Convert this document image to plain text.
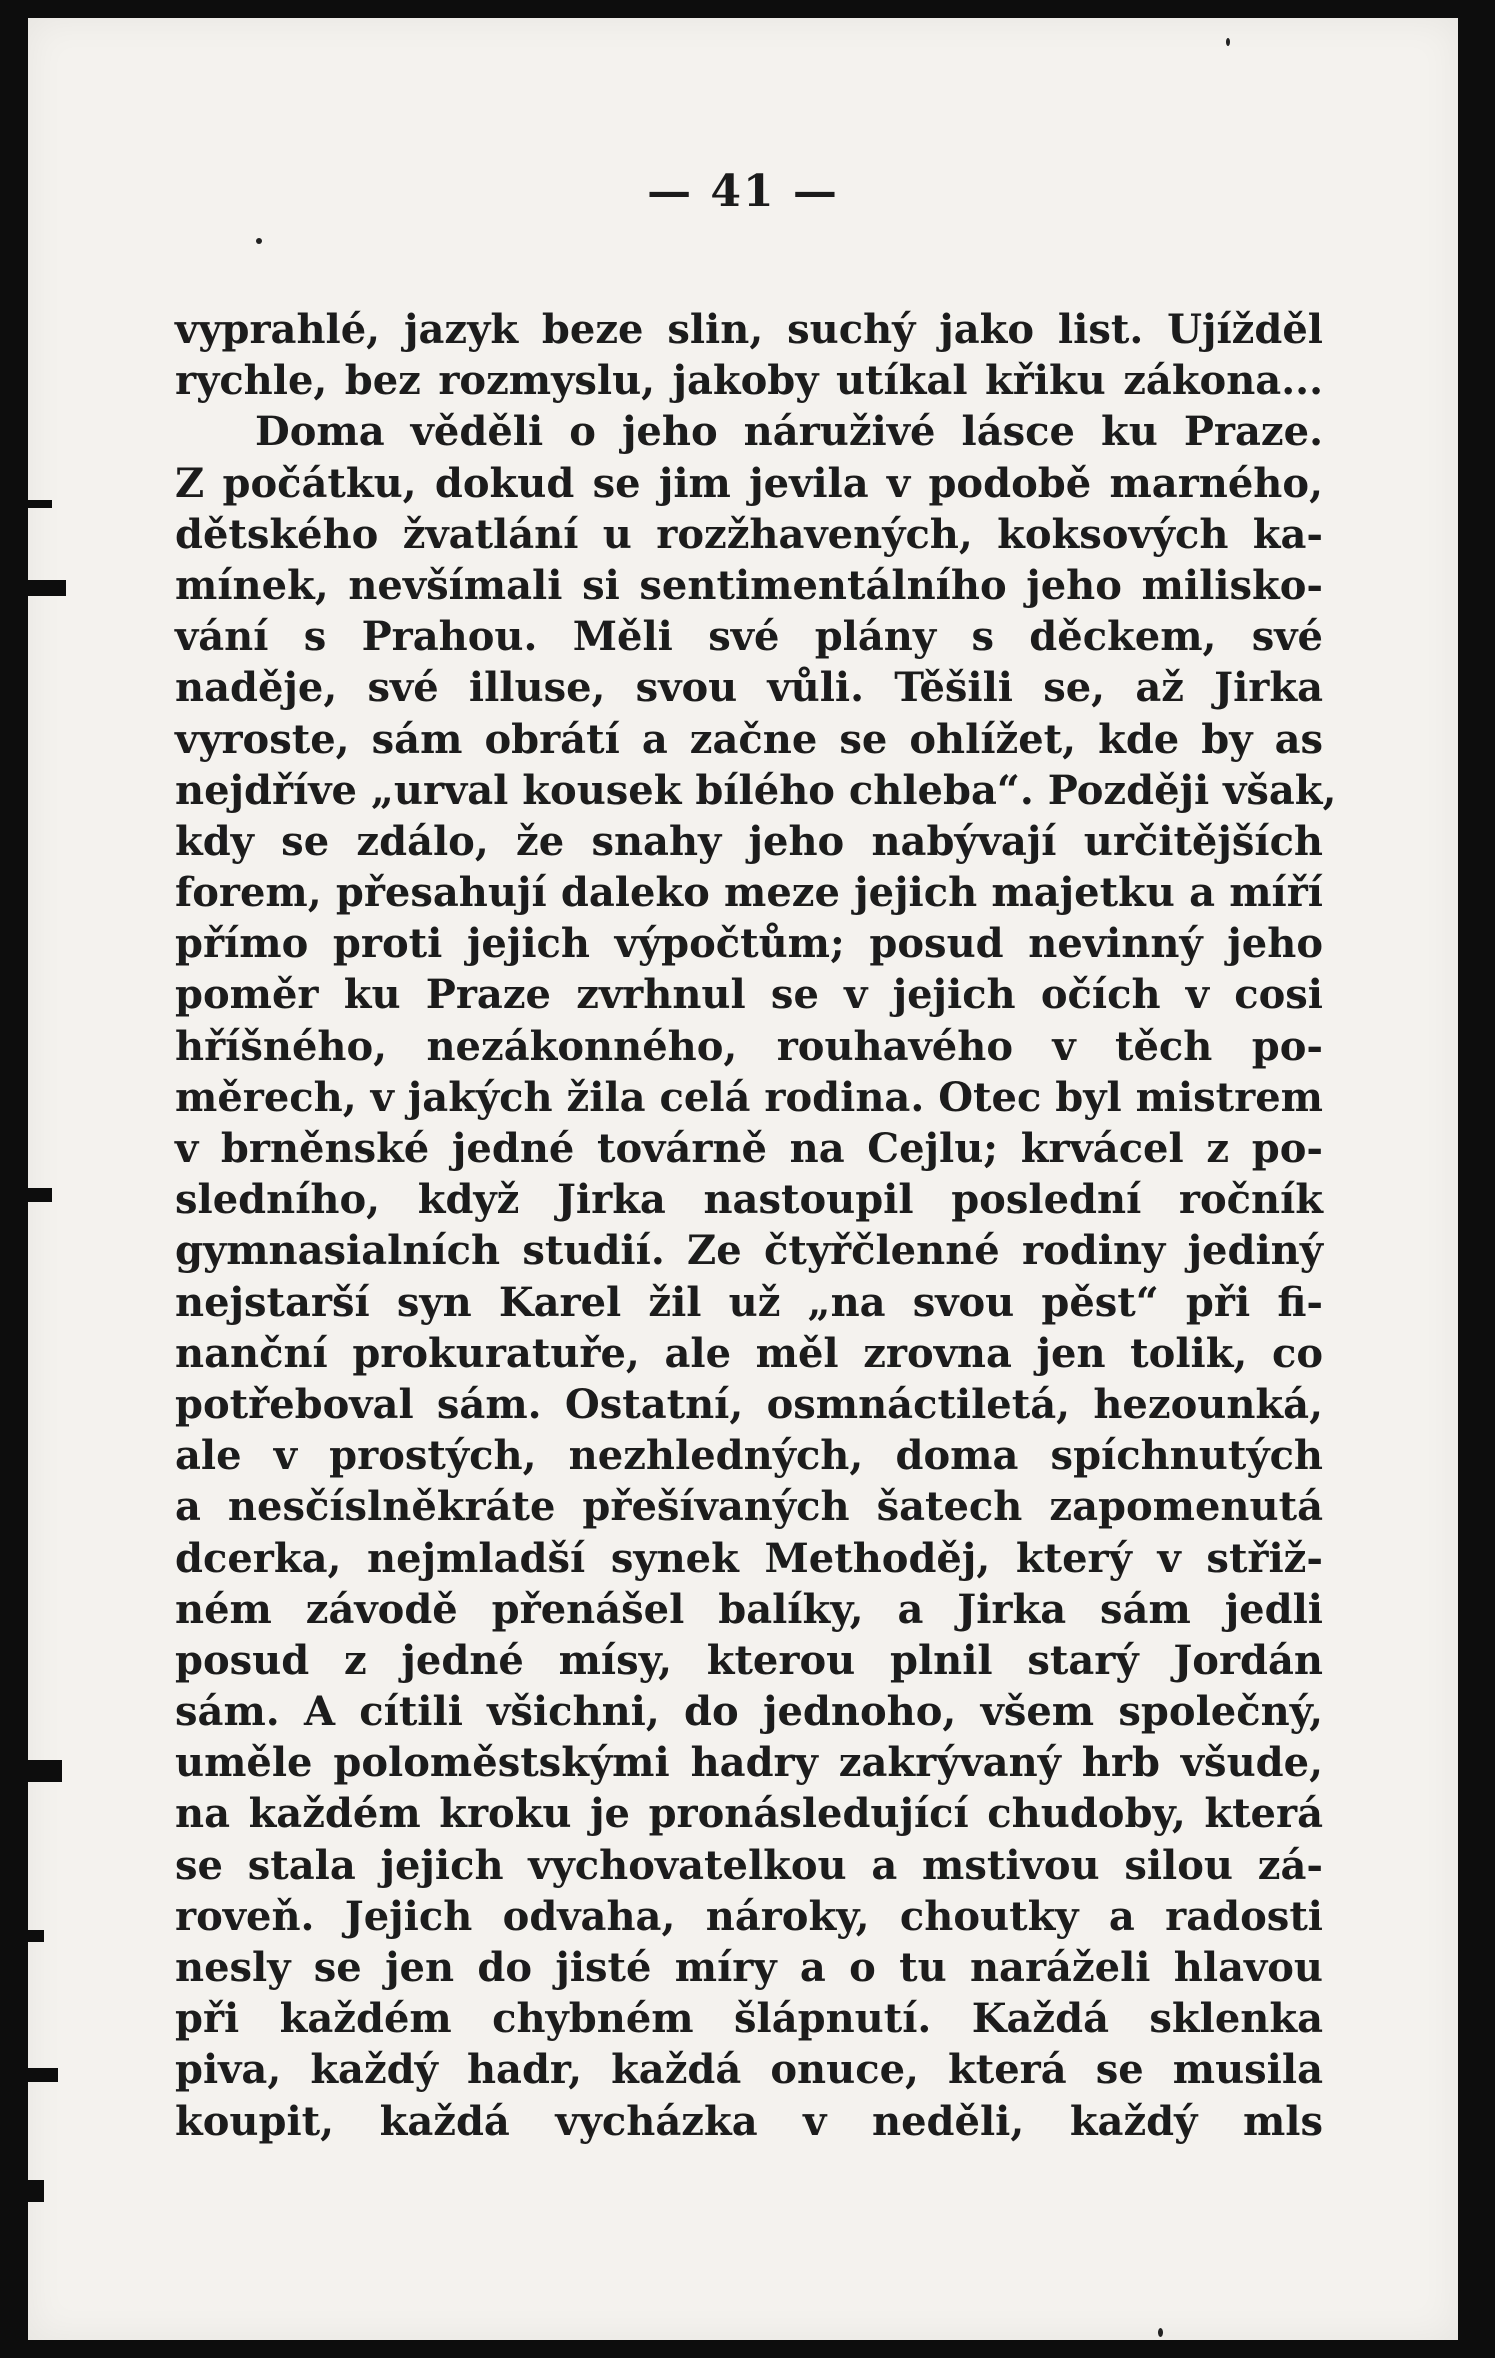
— 41 —
vyprahlé, jazyk beze slin, suchý jako list. Ujížděl
rychle, bez rozmyslu, jakoby utíkal křiku zákona...
Doma věděli o jeho náruživé lásce ku Praze.
Z počátku, dokud se jim jevila v podobě marného,
dětského žvatlání u rozžhavených, koksových ka-
mínek, nevšímali si sentimentálního jeho milisko-
vání s Prahou. Měli své plány s děckem, své
naděje, své illuse, svou vůli. Těšili se, až Jirka
vyroste, sám obrátí a začne se ohlížet, kde by as
nejdříve „urval kousek bílého chleba“. Později však,
kdy se zdálo, že snahy jeho nabývají určitějších
forem, přesahují daleko meze jejich majetku a míří
přímo proti jejich výpočtům; posud nevinný jeho
poměr ku Praze zvrhnul se v jejich očích v cosi
hříšného, nezákonného, rouhavého v těch po-
měrech, v jakých žila celá rodina. Otec byl mistrem
v brněnské jedné továrně na Cejlu; krvácel z po-
sledního, když Jirka nastoupil poslední ročník
gymnasialních studií. Ze čtyřčlenné rodiny jediný
nejstarší syn Karel žil už „na svou pěst“ při fi-
nanční prokuratuře, ale měl zrovna jen tolik, co
potřeboval sám. Ostatní, osmnáctiletá, hezounká,
ale v prostých, nezhledných, doma spíchnutých
a nesčíslněkráte přešívaných šatech zapomenutá
dcerka, nejmladší synek Methoděj, který v střiž-
ném závodě přenášel balíky, a Jirka sám jedli
posud z jedné mísy, kterou plnil starý Jordán
sám. A cítili všichni, do jednoho, všem společný,
uměle poloměstskými hadry zakrývaný hrb všude,
na každém kroku je pronásledující chudoby, která
se stala jejich vychovatelkou a mstivou silou zá-
roveň. Jejich odvaha, nároky, choutky a radosti
nesly se jen do jisté míry a o tu naráželi hlavou
při každém chybném šlápnutí. Každá sklenka
piva, každý hadr, každá onuce, která se musila
koupit, každá vycházka v neděli, každý mls
